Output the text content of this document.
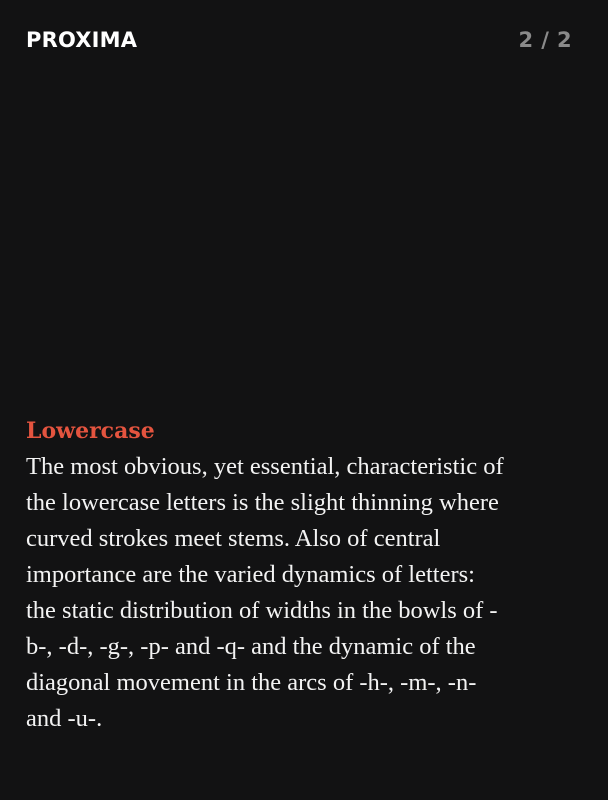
PROXIMA	2 / 2
Lowercase

The most obvious, yet essential, characteristic of the lowercase letters is the slight thinning where curved strokes meet stems. Also of central importance are the varied dynamics of letters: the static distribution of widths in the bowls of -b-, -d-, -g-, -p- and -q- and the dynamic of the diagonal movement in the arcs of -h-, -m-, -n- and -u-.
